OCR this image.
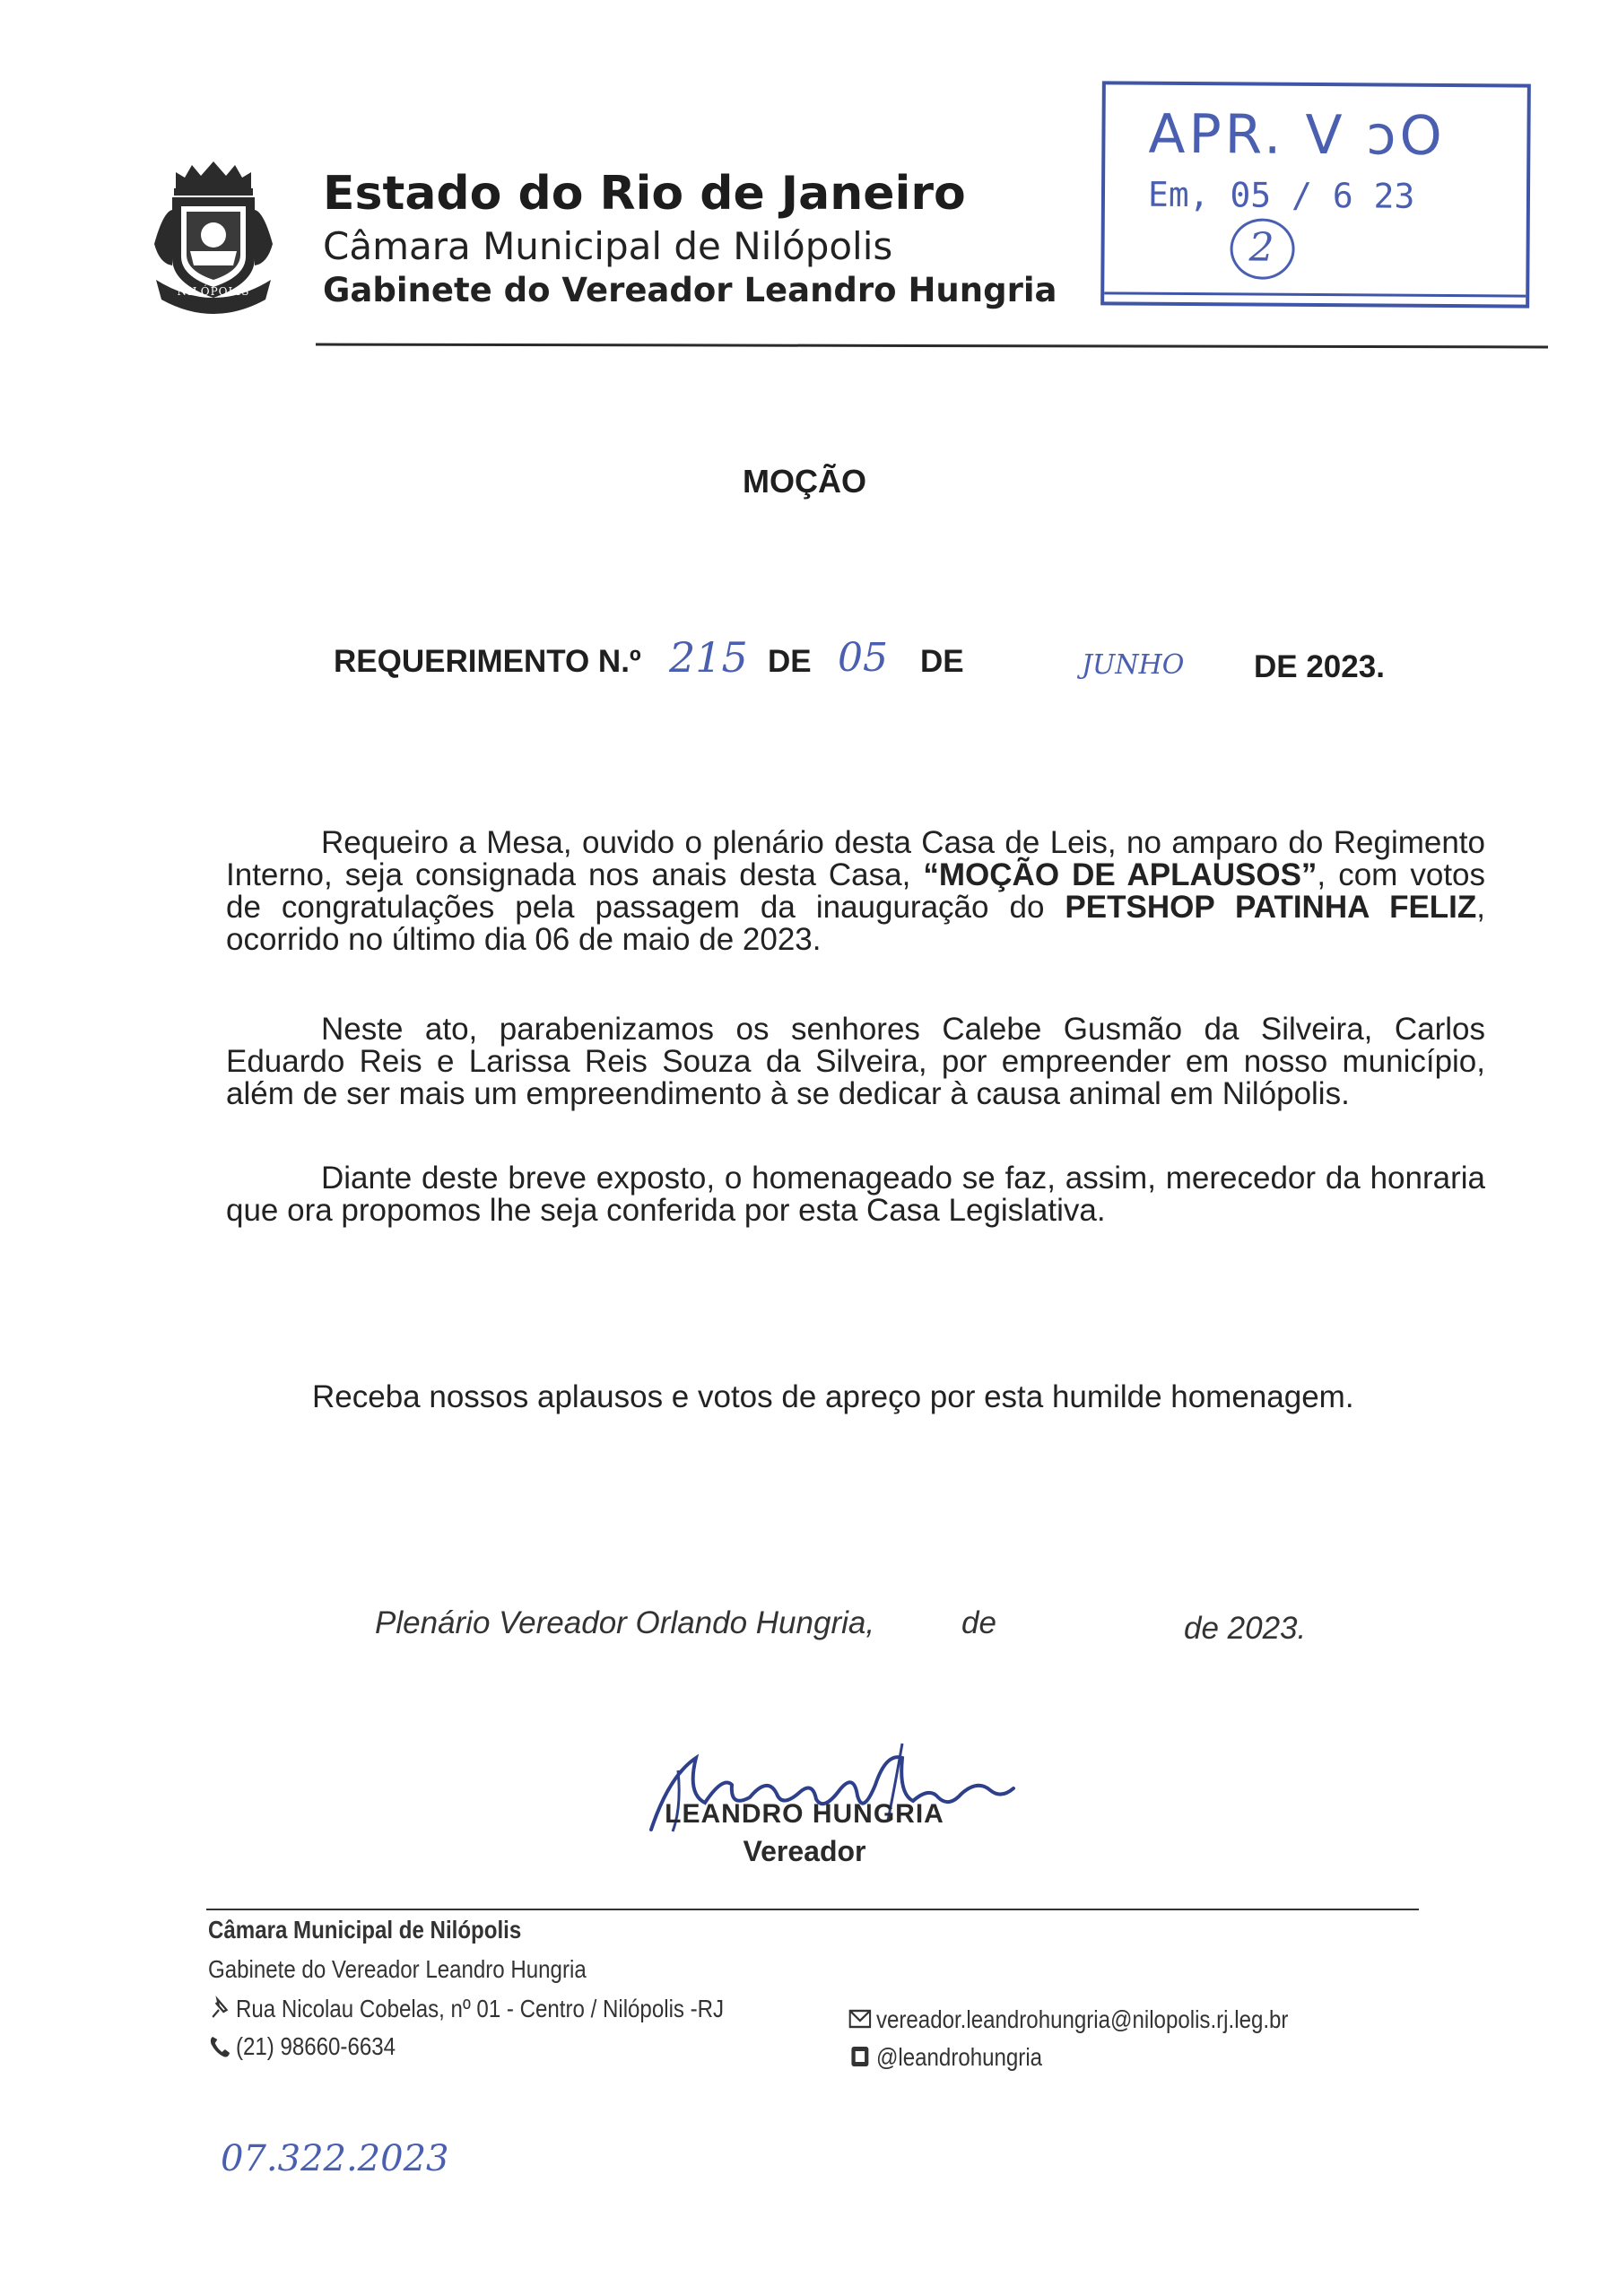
NILÓPOLIS
Estado do Rio de Janeiro
Câmara Municipal de Nilópolis
Gabinete do Vereador Leandro Hungria
APR. V ᴐO
Em, 05 / 6 23
2
MOÇÃO
REQUERIMENTO N.º 215 DE 05 DE	JUNHO DE 2023.

Requeiro a Mesa, ouvido o plenário desta Casa de Leis, no amparo do Regimento Interno, seja consignada nos anais desta Casa, “MOÇÃO DE APLAUSOS”, com votos de congratulações pela passagem da inauguração do PETSHOP PATINHA FELIZ, ocorrido no último dia 06 de maio de 2023.

Neste ato, parabenizamos os senhores Calebe Gusmão da Silveira, Carlos Eduardo Reis e Larissa Reis Souza da Silveira, por empreender em nosso município, além de ser mais um empreendimento à se dedicar à causa animal em Nilópolis.

Diante deste breve exposto, o homenageado se faz, assim, merecedor da honraria que ora propomos lhe seja conferida por esta Casa Legislativa.

Receba nossos aplausos e votos de apreço por esta humilde homenagem.
Plenário Vereador Orlando Hungria,	de	de 2023.
LEANDRO HUNGRIA
Vereador
Câmara Municipal de Nilópolis
Gabinete do Vereador Leandro Hungria
Rua Nicolau Cobelas, nº 01 - Centro / Nilópolis -RJ
(21) 98660-6634
vereador.leandrohungria@nilopolis.rj.leg.br
@leandrohungria
07.322.2023
